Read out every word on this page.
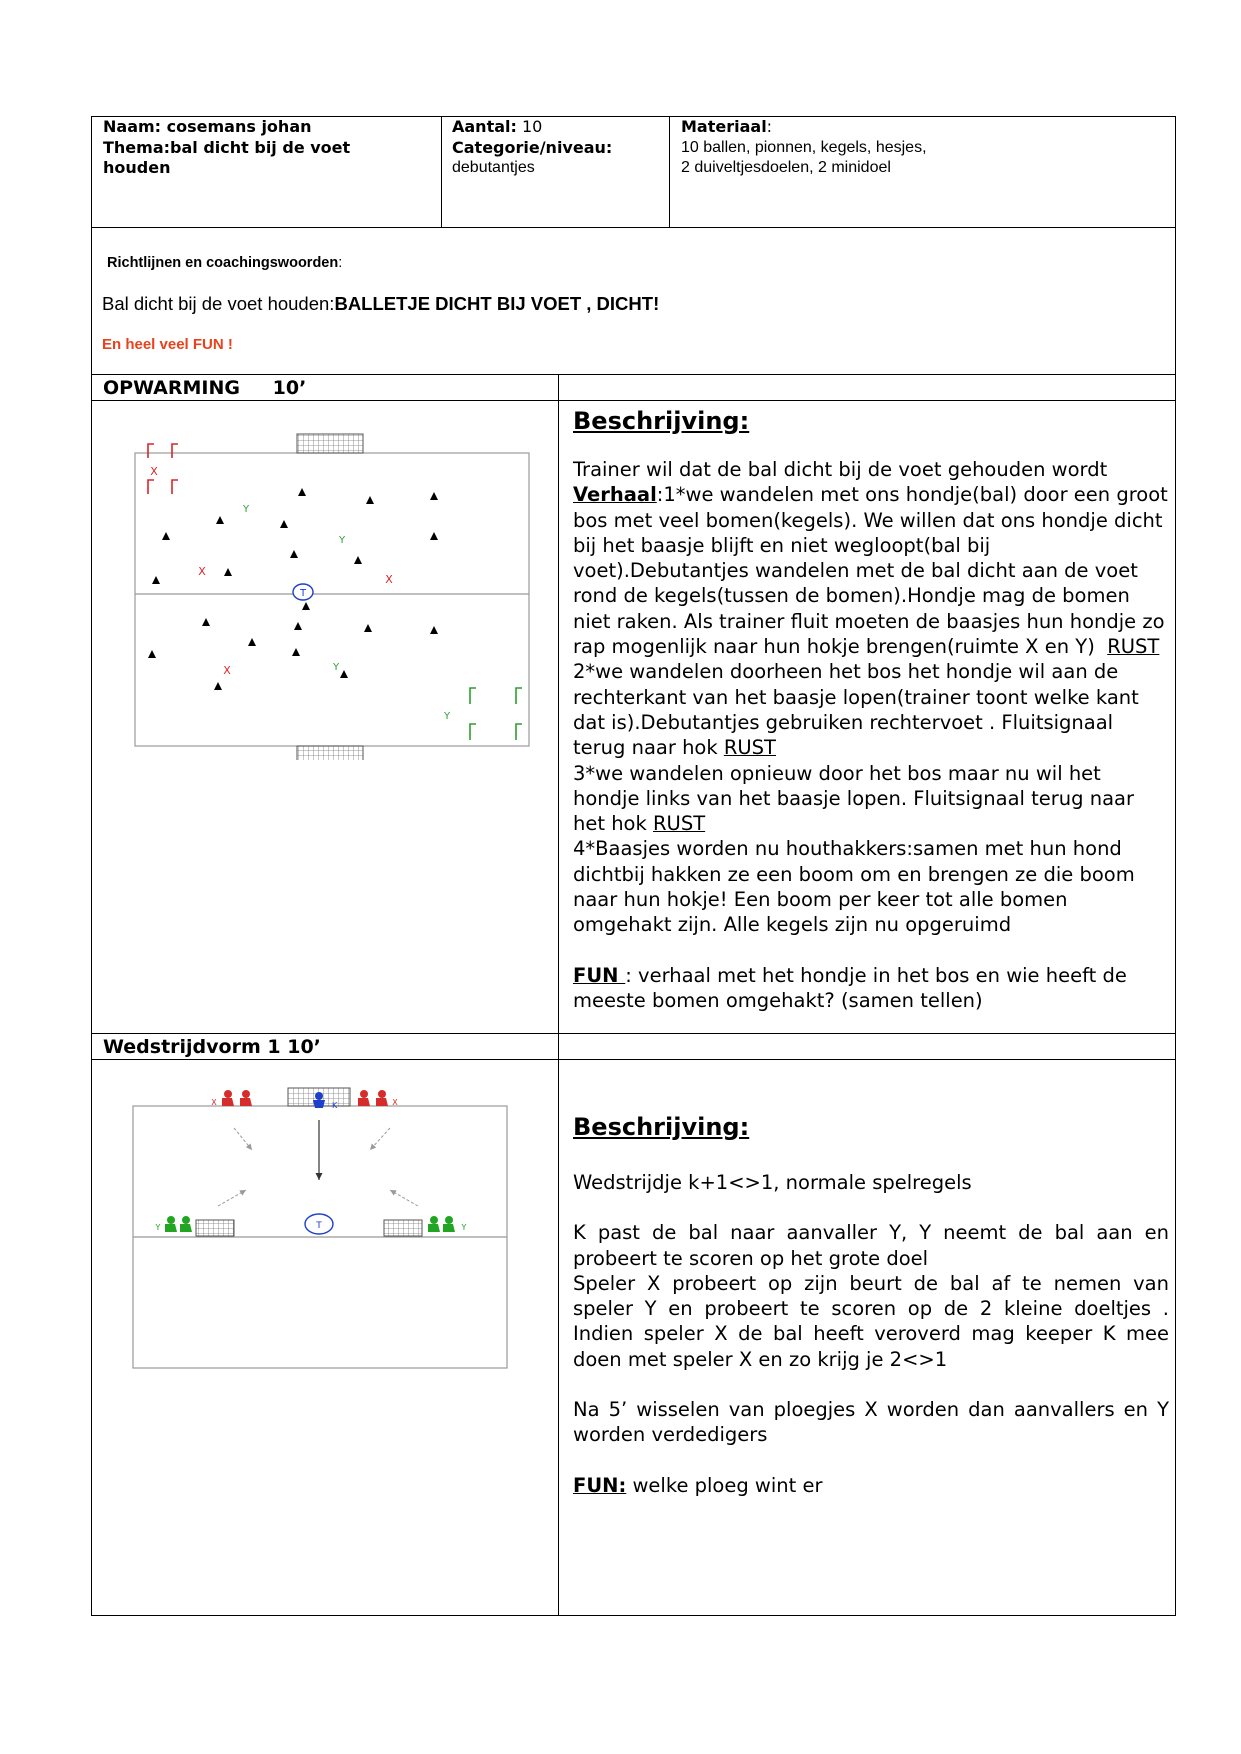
Naam: cosemans johan
Thema:bal dicht bij de voet houden
Aantal: 10
Categorie/niveau:
debutantjes
Materiaal:
10 ballen, pionnen, kegels, hesjes,
2 duiveltjesdoelen, 2 minidoel
Richtlijnen en coachingswoorden:
Bal dicht bij de voet houden:BALLETJE DICHT BIJ VOET , DICHT!
En heel veel FUN !
OPWARMING 10’
X
X
X
X
Y
Y
Y
Y
T
Beschrijving:

Trainer wil dat de bal dicht bij de voet gehouden wordt

Verhaal:1*we wandelen met ons hondje(bal) door een groot bos met veel bomen(kegels). We willen dat ons hondje dicht bij het baasje blijft en niet wegloopt(bal bij voet).Debutantjes wandelen met de bal dicht aan de voet rond de kegels(tussen de bomen).Hondje mag de bomen niet raken. Als trainer fluit moeten de baasjes hun hondje zo rap mogenlijk naar hun hokje brengen(ruimte X en Y) RUST

2*we wandelen doorheen het bos het hondje wil aan de rechterkant van het baasje lopen(trainer toont welke kant dat is).Debutantjes gebruiken rechtervoet . Fluitsignaal terug naar hok RUST

3*we wandelen opnieuw door het bos maar nu wil het hondje links van het baasje lopen. Fluitsignaal terug naar het hok RUST

4*Baasjes worden nu houthakkers:samen met hun hond dichtbij hakken ze een boom om en brengen ze die boom naar hun hokje! Een boom per keer tot alle bomen omgehakt zijn. Alle kegels zijn nu opgeruimd

FUN : verhaal met het hondje in het bos en wie heeft de meeste bomen omgehakt? (samen tellen)

Wedstrijdvorm 1 10’
K
X	X
Y	Y
T
Beschrijving:

Wedstrijdje k+1<>1, normale spelregels

K past de bal naar aanvaller Y, Y neemt de bal aan en probeert te scoren op het grote doel

Speler X probeert op zijn beurt de bal af te nemen van speler Y en probeert te scoren op de 2 kleine doeltjes . Indien speler X de bal heeft veroverd mag keeper K mee doen met speler X en zo krijg je 2<>1

Na 5’ wisselen van ploegjes X worden dan aanvallers en Y worden verdedigers

FUN: welke ploeg wint er
